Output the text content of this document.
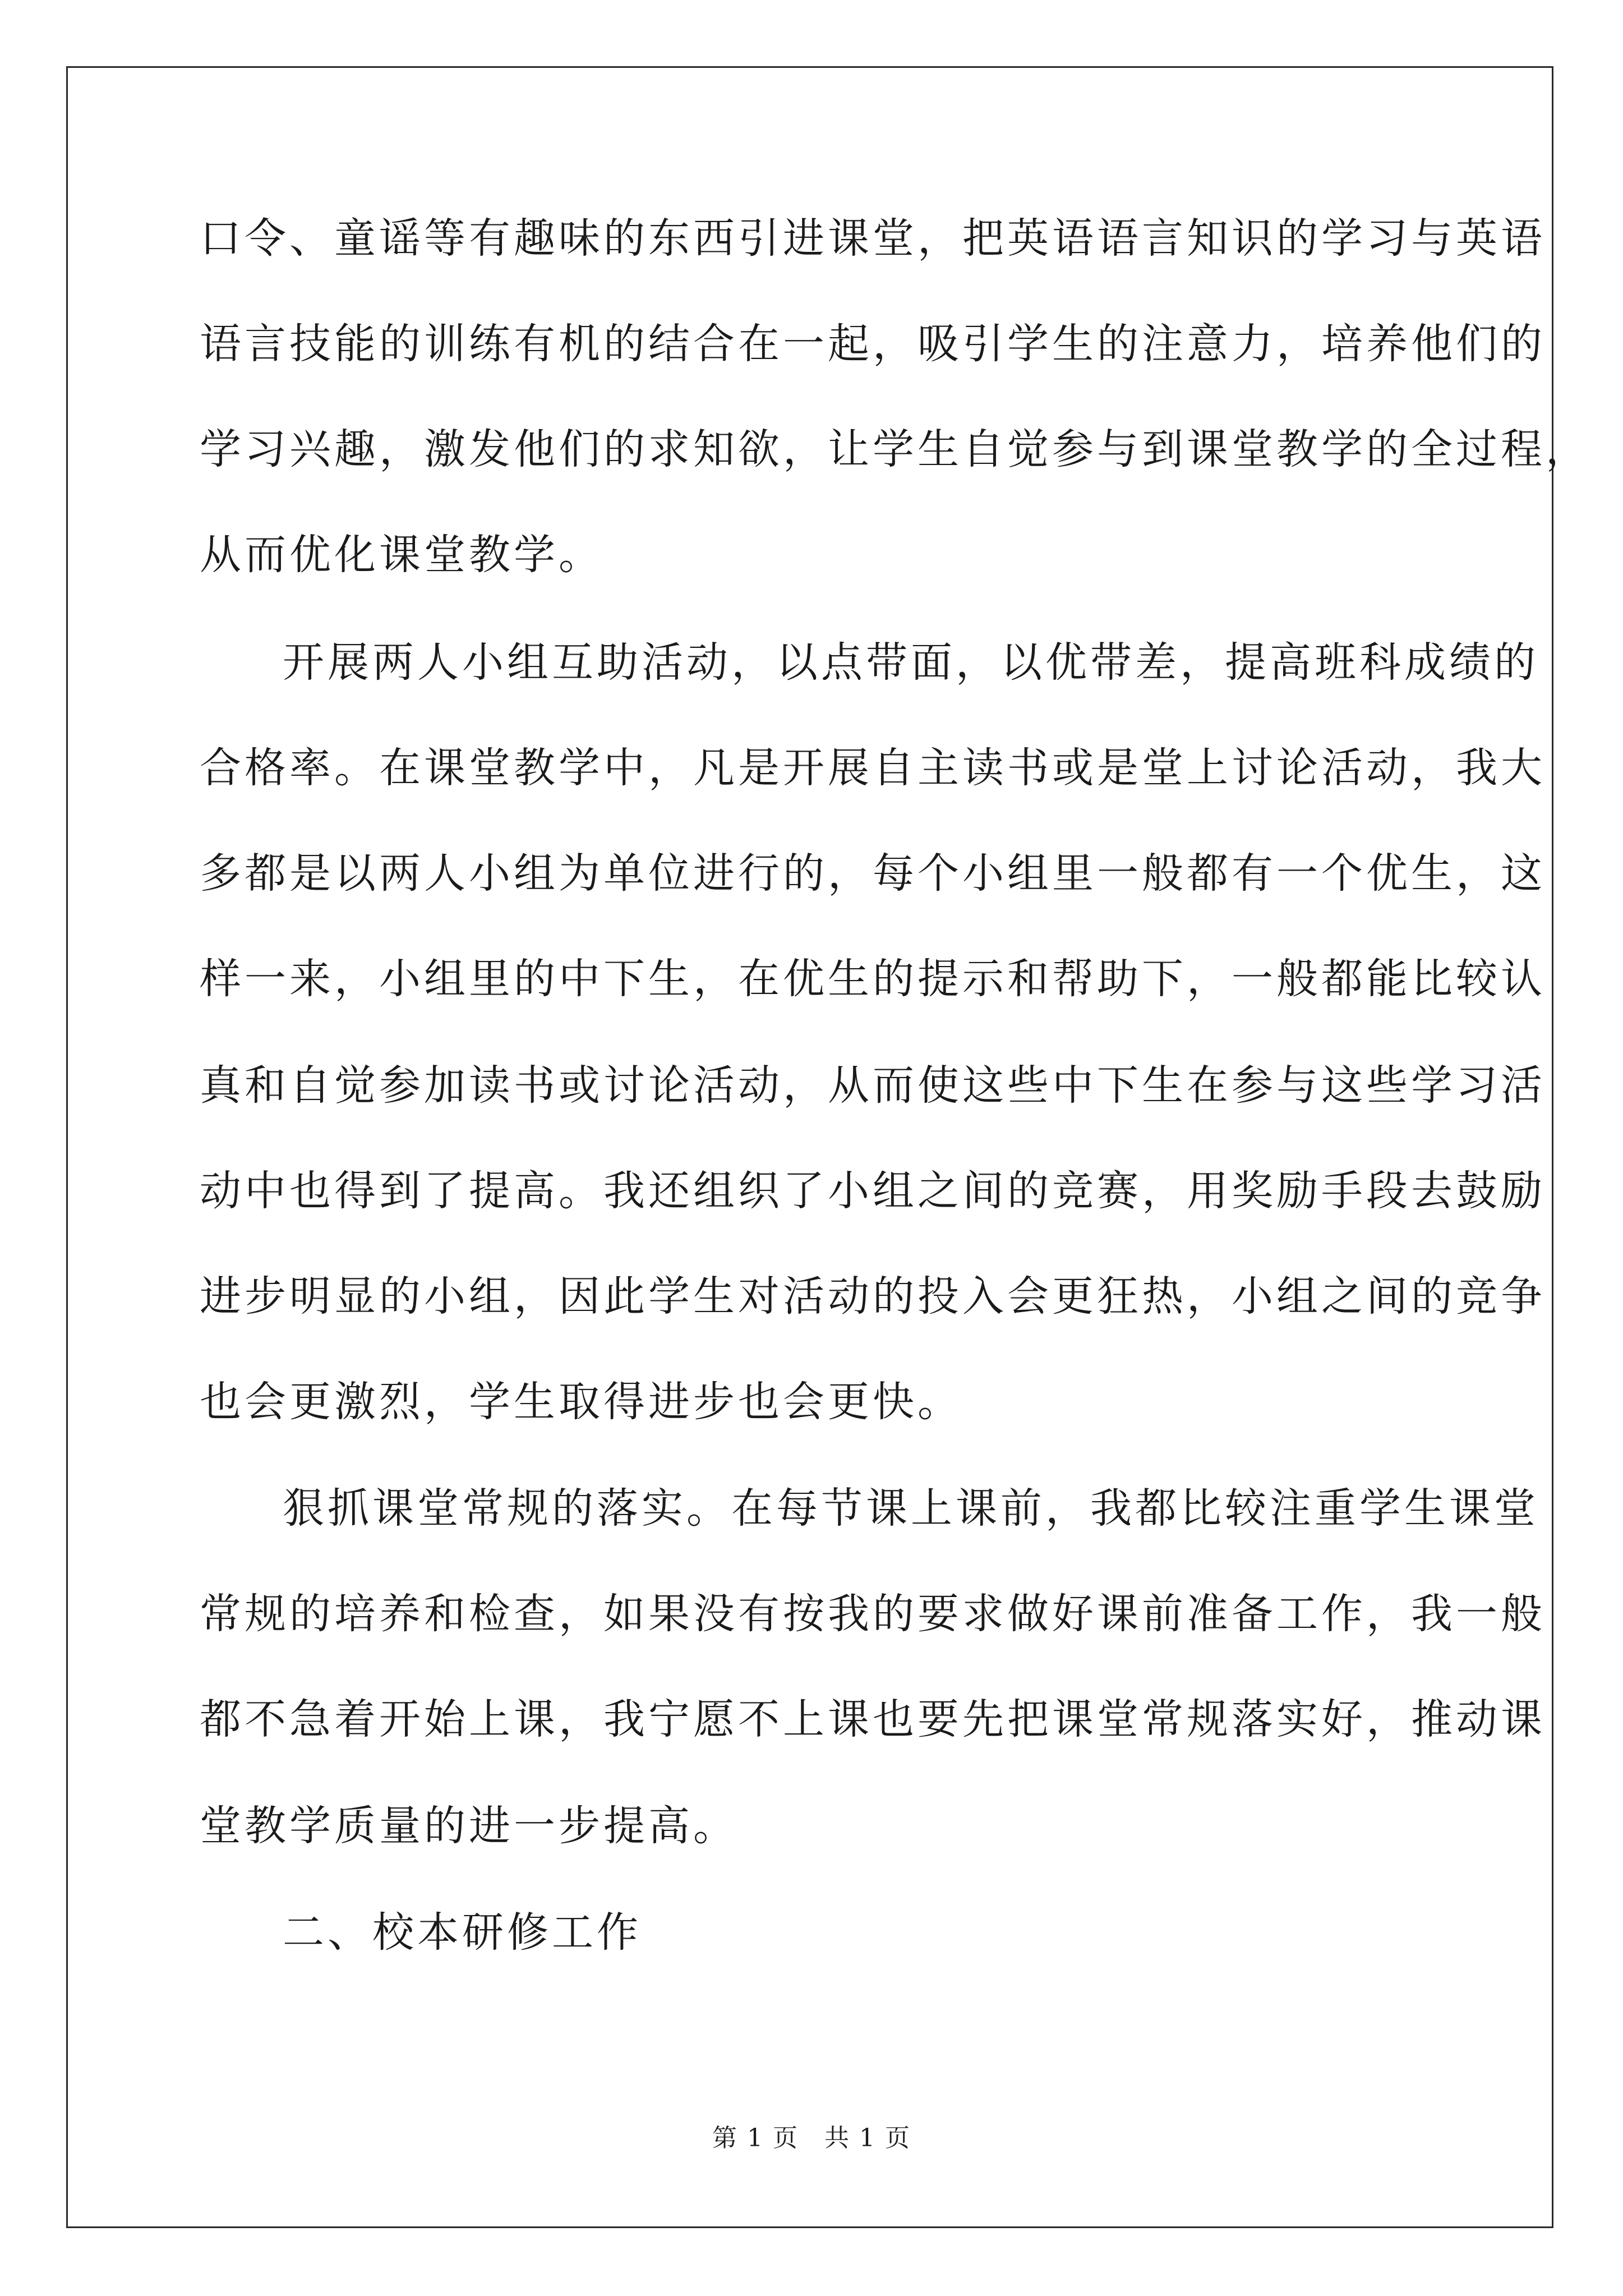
口令、童谣等有趣味的东西引进课堂，把英语语言知识的学习与英语
语言技能的训练有机的结合在一起，吸引学生的注意力，培养他们的
学习兴趣，激发他们的求知欲，让学生自觉参与到课堂教学的全过程，
从而优化课堂教学。
开展两人小组互助活动，以点带面，以优带差，提高班科成绩的
合格率。在课堂教学中，凡是开展自主读书或是堂上讨论活动，我大
多都是以两人小组为单位进行的，每个小组里一般都有一个优生，这
样一来，小组里的中下生，在优生的提示和帮助下，一般都能比较认
真和自觉参加读书或讨论活动，从而使这些中下生在参与这些学习活
动中也得到了提高。我还组织了小组之间的竞赛，用奖励手段去鼓励
进步明显的小组，因此学生对活动的投入会更狂热，小组之间的竞争
也会更激烈，学生取得进步也会更快。
狠抓课堂常规的落实。在每节课上课前，我都比较注重学生课堂
常规的培养和检查，如果没有按我的要求做好课前准备工作，我一般
都不急着开始上课，我宁愿不上课也要先把课堂常规落实好，推动课
堂教学质量的进一步提高。
二、校本研修工作
第 1 页 共 1 页
